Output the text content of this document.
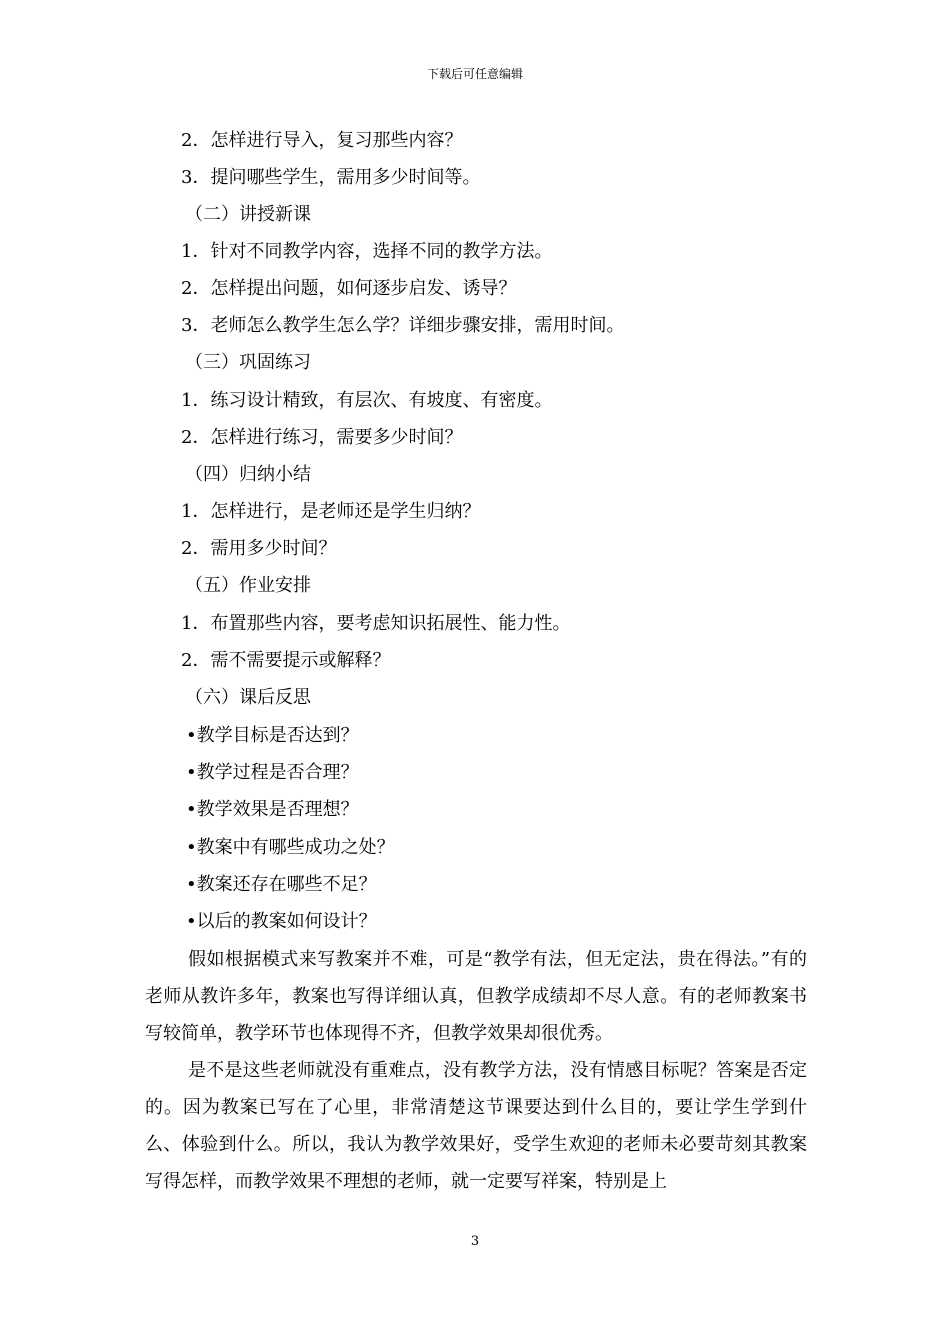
下载后可任意编辑
2．怎样进行导入，复习那些内容？
3．提问哪些学生，需用多少时间等。
（二）讲授新课
1．针对不同教学内容，选择不同的教学方法。
2．怎样提出问题，如何逐步启发、诱导？
3．老师怎么教学生怎么学？详细步骤安排，需用时间。
（三）巩固练习
1．练习设计精致，有层次、有坡度、有密度。
2．怎样进行练习，需要多少时间？
（四）归纳小结
1．怎样进行，是老师还是学生归纳？
2．需用多少时间？
（五）作业安排
1．布置那些内容，要考虑知识拓展性、能力性。
2．需不需要提示或解释？
（六）课后反思
•教学目标是否达到？
•教学过程是否合理？
•教学效果是否理想？
•教案中有哪些成功之处？
•教案还存在哪些不足？
•以后的教案如何设计？
假如根据模式来写教案并不难，可是“教学有法，但无定法，贵在得法。”有的老师从教许多年，教案也写得详细认真，但教学成绩却不尽人意。有的老师教案书写较简单，教学环节也体现得不齐，但教学效果却很优秀。
是不是这些老师就没有重难点，没有教学方法，没有情感目标呢？答案是否定的。因为教案已写在了心里，非常清楚这节课要达到什么目的，要让学生学到什么、体验到什么。所以，我认为教学效果好，受学生欢迎的老师未必要苛刻其教案写得怎样，而教学效果不理想的老师，就一定要写祥案，特别是上
3
